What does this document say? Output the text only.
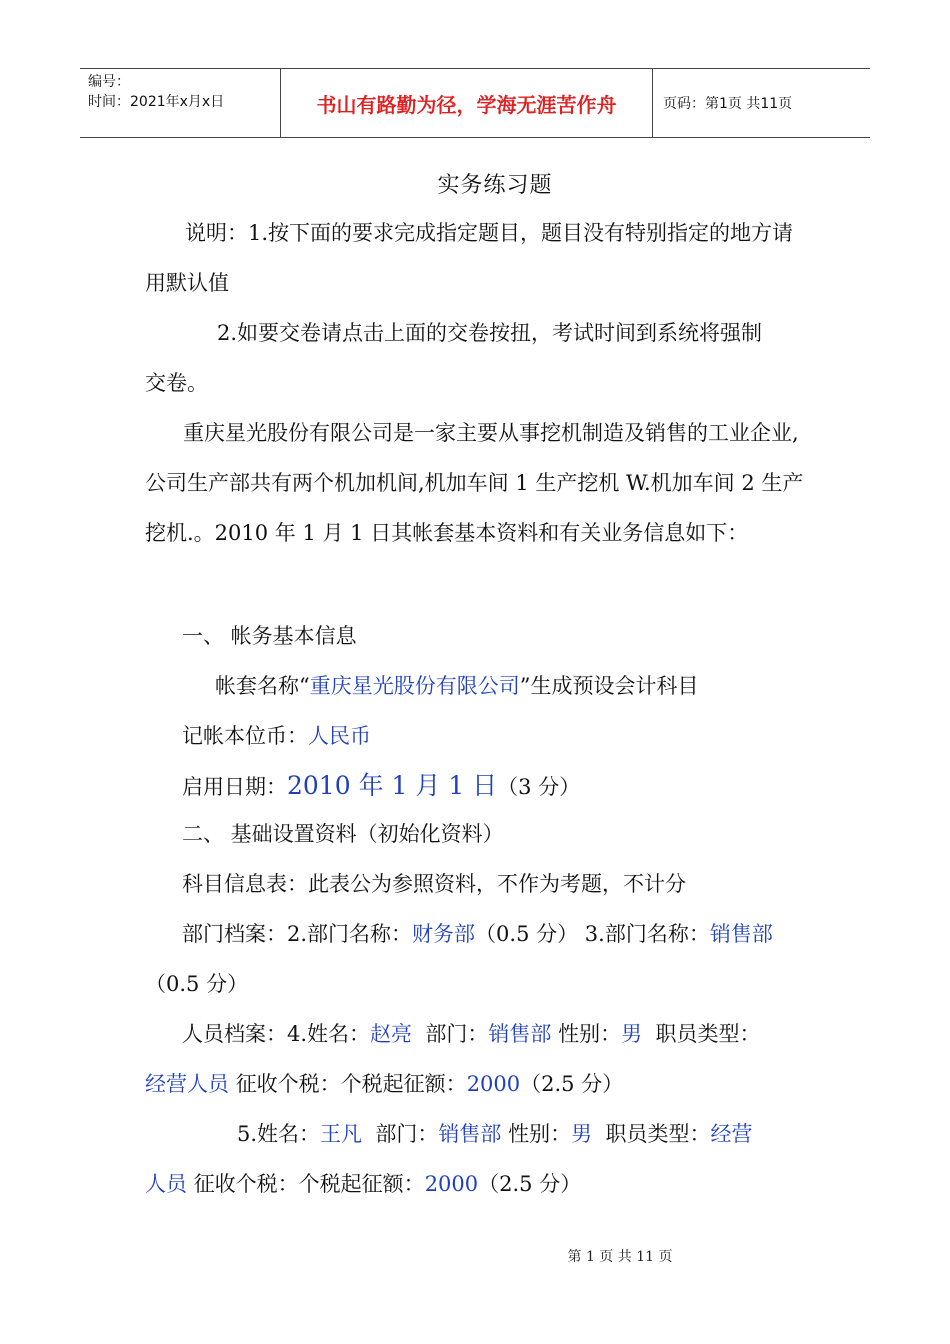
编号：
时间：2021年x月x日	书山有路勤为径，学海无涯苦作舟	页码：第1页 共11页
实务练习题
说明：1.按下面的要求完成指定题目，题目没有特别指定的地方请用默认值
2.如要交卷请点击上面的交卷按扭，考试时间到系统将强制
交卷。
重庆星光股份有限公司是一家主要从事挖机制造及销售的工业企业,公司生产部共有两个机加机间,机加车间 1 生产挖机 W.机加车间 2 生产挖机.。2010 年 1 月 1 日其帐套基本资料和有关业务信息如下：
一、 帐务基本信息
帐套名称“重庆星光股份有限公司”生成预设会计科目
记帐本位币：人民币
启用日期：2010 年 1 月 1 日（3 分）
二、 基础设置资料（初始化资料）
科目信息表：此表公为参照资料，不作为考题，不计分
部门档案：2.部门名称：财务部（0.5 分） 3.部门名称：销售部
（0.5 分）
人员档案：4.姓名：赵亮  部门：销售部 性别：男  职员类型：
经营人员 征收个税：个税起征额：2000（2.5 分）
5.姓名：王凡  部门：销售部 性别：男  职员类型：经营
人员 征收个税：个税起征额：2000（2.5 分）
第 1 页 共 11 页
